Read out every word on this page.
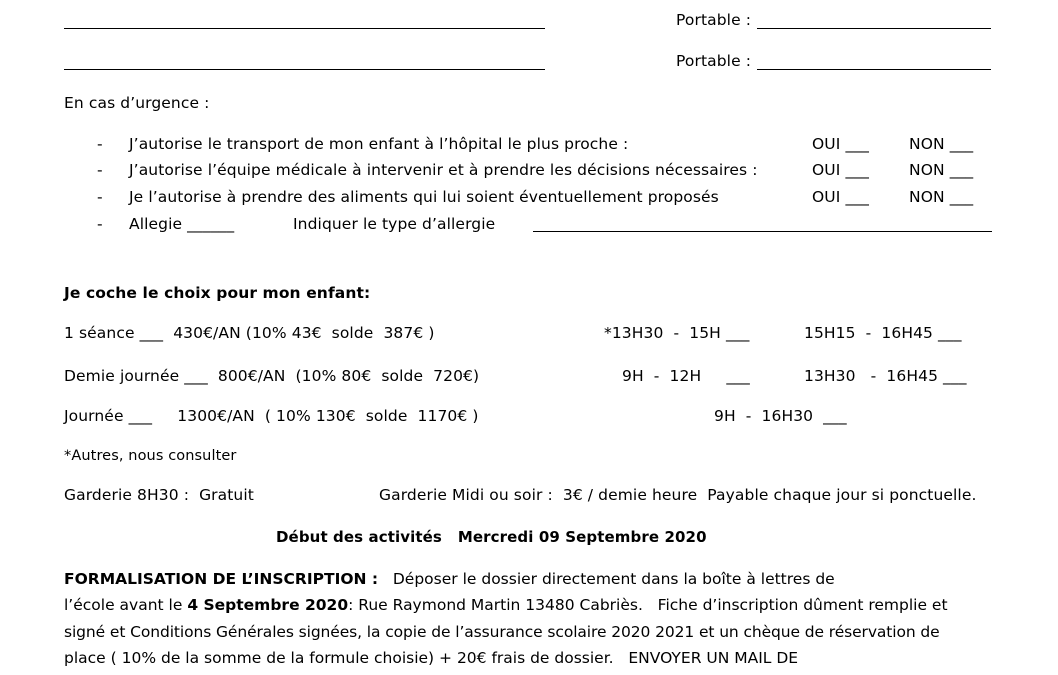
Portable :
Portable :
En cas d’urgence :
- J’autorise le transport de mon enfant à l’hôpital le plus proche :	OUI ___	NON ___
- J’autorise l’équipe médicale à intervenir et à prendre les décisions nécessaires :	OUI ___	NON ___
- Je l’autorise à prendre des aliments qui lui soient éventuellement proposés	OUI ___	NON ___
- Allegie ______	Indiquer le type d’allergie
Je coche le choix pour mon enfant:
1 séance ___  430€/AN (10% 43€  solde  387€ )	*13H30  -  15H ___	15H15  -  16H45 ___
Demie journée ___  800€/AN  (10% 80€  solde  720€)	9H  -  12H     ___	13H30   -  16H45 ___
Journée ___     1300€/AN  ( 10% 130€  solde  1170€ )	9H  -  16H30  ___
*Autres, nous consulter
Garderie 8H30 :  Gratuit	Garderie Midi ou soir :  3€ / demie heure  Payable chaque jour si ponctuelle.
Début des activités   Mercredi 09 Septembre 2020
FORMALISATION DE L’INSCRIPTION :   Déposer le dossier directement dans la boîte à lettres de
l’école avant le 4 Septembre 2020: Rue Raymond Martin 13480 Cabriès.   Fiche d’inscription dûment remplie et
signé et Conditions Générales signées, la copie de l’assurance scolaire 2020 2021 et un chèque de réservation de
place ( 10% de la somme de la formule choisie) + 20€ frais de dossier.   ENVOYER UN MAIL DE
